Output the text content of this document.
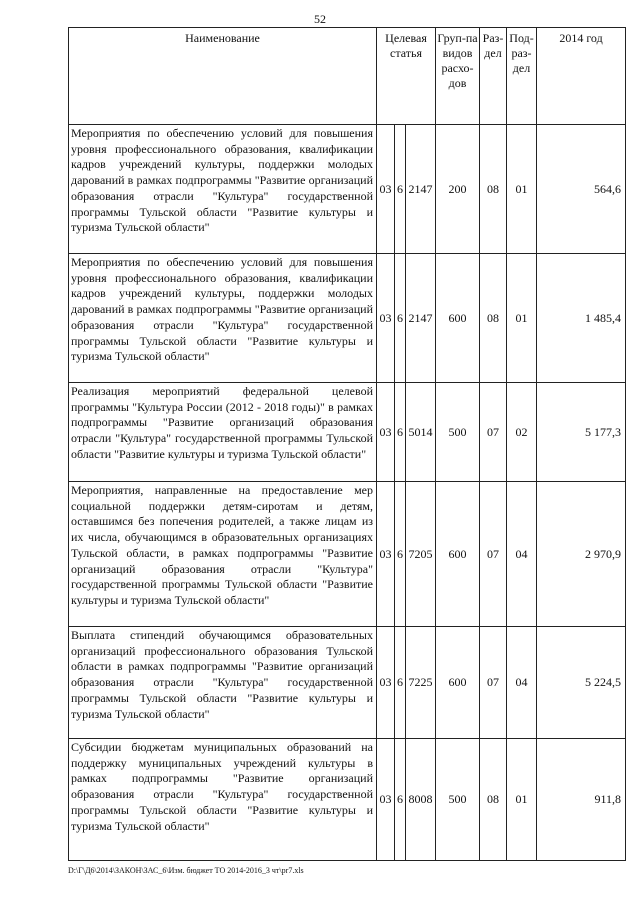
52
Наименование	Целевая статья			Груп-па видов расхо-дов	Раз-дел	Под-раз-дел	2014 год
Мероприятия по обеспечению условий для повышения уровня профессионального образования, квалификации кадров учреждений культуры, поддержки молодых дарований в рамках подпрограммы "Развитие организаций образования отрасли "Культура" государственной программы Тульской области "Развитие культуры и туризма Тульской области"	03	6	2147	200	08	01	564,6
Мероприятия по обеспечению условий для повышения уровня профессионального образования, квалификации кадров учреждений культуры, поддержки молодых дарований в рамках подпрограммы "Развитие организаций образования отрасли "Культура" государственной программы Тульской области "Развитие культуры и туризма Тульской области"	03	6	2147	600	08	01	1 485,4
Реализация мероприятий федеральной целевой программы "Культура России (2012 - 2018 годы)" в рамках подпрограммы "Развитие организаций образования отрасли "Культура" государственной программы Тульской области "Развитие культуры и туризма Тульской области"	03	6	5014	500	07	02	5 177,3
Мероприятия, направленные на предоставление мер социальной поддержки детям-сиротам и детям, оставшимся без попечения родителей, а также лицам из их числа, обучающимся в образовательных организациях Тульской области, в рамках подпрограммы "Развитие организаций образования отрасли "Культура" государственной программы Тульской области "Развитие культуры и туризма Тульской области"	03	6	7205	600	07	04	2 970,9
Выплата стипендий обучающимся образовательных организаций профессионального образования Тульской области в рамках подпрограммы "Развитие организаций образования отрасли "Культура" государственной программы Тульской области "Развитие культуры и туризма Тульской области"	03	6	7225	600	07	04	5 224,5
Субсидии бюджетам муниципальных образований на поддержку муниципальных учреждений культуры в рамках подпрограммы "Развитие организаций образования отрасли "Культура" государственной программы Тульской области "Развитие культуры и туризма Тульской области"	03	6	8008	500	08	01	911,8
D:\Г\Д6\2014\ЗАКОН\ЗАС_6\Изм. бюджет ТО 2014-2016_3 чт\pr7.xls
